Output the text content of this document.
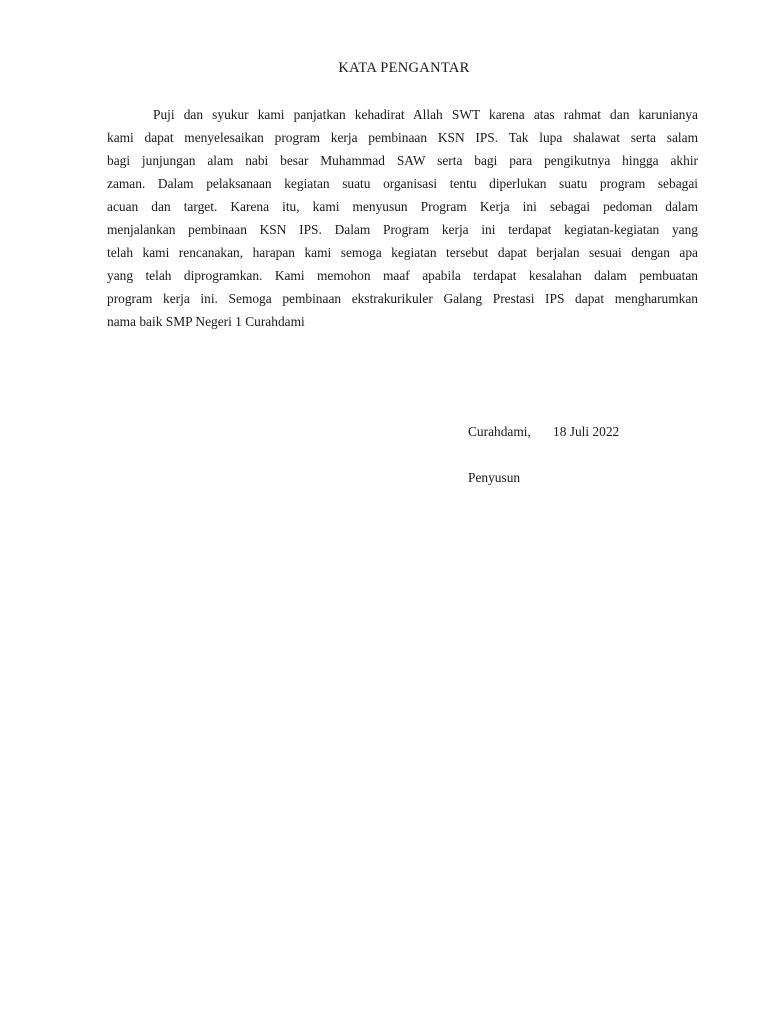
KATA PENGANTAR
Puji dan syukur kami panjatkan kehadirat Allah SWT karena atas rahmat dan karunianya
kami dapat menyelesaikan program kerja pembinaan KSN IPS. Tak lupa shalawat serta salam
bagi junjungan alam nabi besar Muhammad SAW serta bagi para pengikutnya hingga akhir
zaman. Dalam pelaksanaan kegiatan suatu organisasi tentu diperlukan suatu program sebagai
acuan dan target. Karena itu, kami menyusun Program Kerja ini sebagai pedoman dalam
menjalankan pembinaan KSN IPS. Dalam Program kerja ini terdapat kegiatan-kegiatan yang
telah kami rencanakan, harapan kami semoga kegiatan tersebut dapat berjalan sesuai dengan apa
yang telah diprogramkan. Kami memohon maaf apabila terdapat kesalahan dalam pembuatan
program kerja ini. Semoga pembinaan ekstrakurikuler Galang Prestasi IPS dapat mengharumkan
nama baik SMP Negeri 1 Curahdami
Curahdami, 18 Juli 2022
Penyusun
